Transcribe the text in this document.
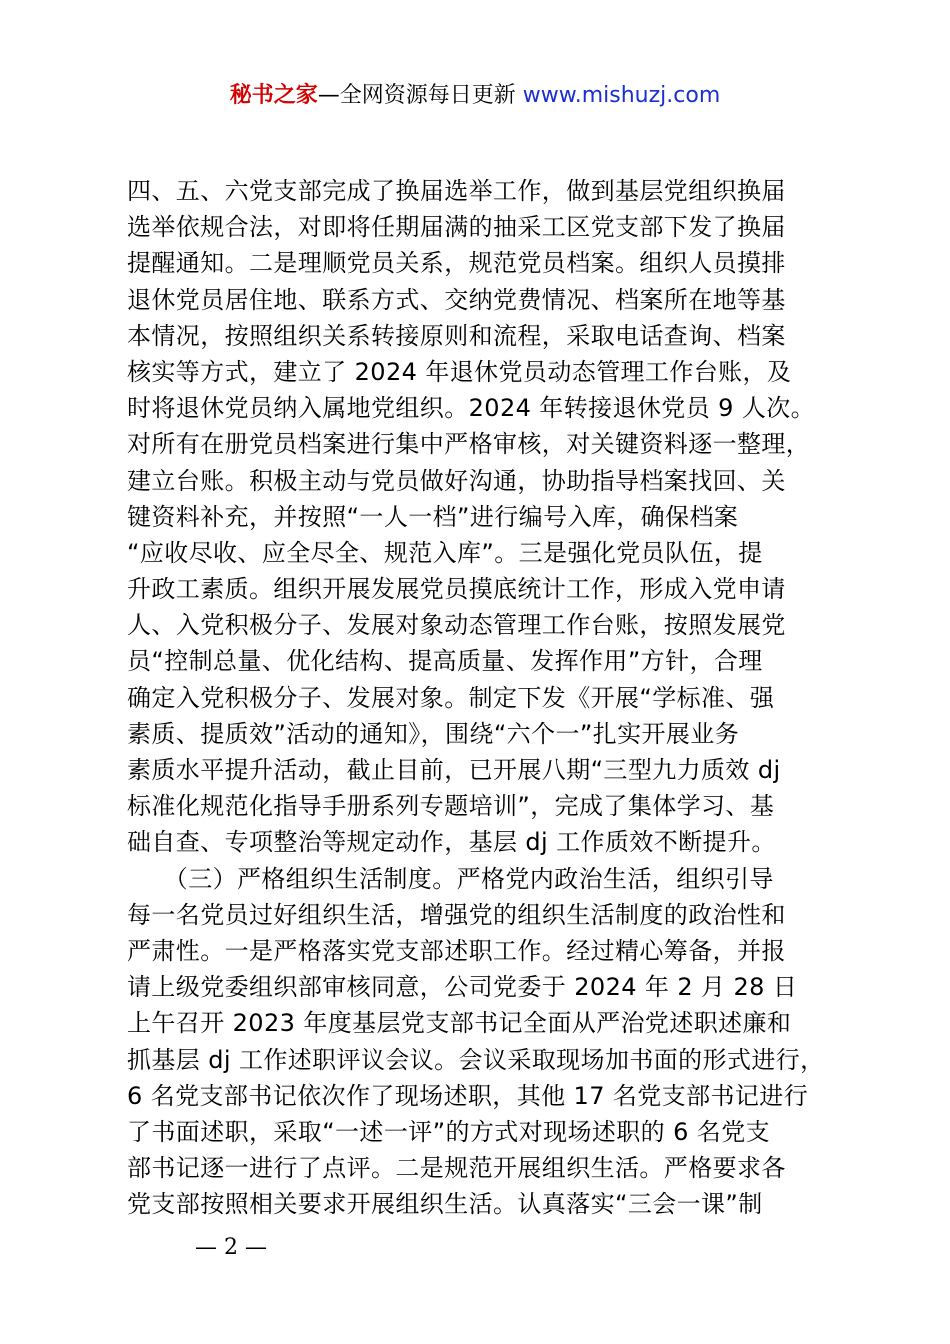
秘书之家—全网资源每日更新 www.mishuzj.com
四、五、六党支部完成了换届选举工作，做到基层党组织换届
选举依规合法，对即将任期届满的抽采工区党支部下发了换届
提醒通知。二是理顺党员关系，规范党员档案。组织人员摸排
退休党员居住地、联系方式、交纳党费情况、档案所在地等基
本情况，按照组织关系转接原则和流程，采取电话查询、档案
核实等方式，建立了 2024 年退休党员动态管理工作台账，及
时将退休党员纳入属地党组织。2024 年转接退休党员 9 人次。
对所有在册党员档案进行集中严格审核，对关键资料逐一整理，
建立台账。积极主动与党员做好沟通，协助指导档案找回、关
键资料补充，并按照“一人一档”进行编号入库，确保档案
“应收尽收、应全尽全、规范入库”。三是强化党员队伍，提
升政工素质。组织开展发展党员摸底统计工作，形成入党申请
人、入党积极分子、发展对象动态管理工作台账，按照发展党
员“控制总量、优化结构、提高质量、发挥作用”方针，合理
确定入党积极分子、发展对象。制定下发《开展“学标准、强
素质、提质效”活动的通知》，围绕“六个一”扎实开展业务
素质水平提升活动，截止目前，已开展八期“三型九力质效 dj
标准化规范化指导手册系列专题培训”，完成了集体学习、基
础自查、专项整治等规定动作，基层 dj 工作质效不断提升。
　　（三）严格组织生活制度。严格党内政治生活，组织引导
每一名党员过好组织生活，增强党的组织生活制度的政治性和
严肃性。一是严格落实党支部述职工作。经过精心筹备，并报
请上级党委组织部审核同意，公司党委于 2024 年 2 月 28 日
上午召开 2023 年度基层党支部书记全面从严治党述职述廉和
抓基层 dj 工作述职评议会议。会议采取现场加书面的形式进行，
6 名党支部书记依次作了现场述职，其他 17 名党支部书记进行
了书面述职，采取“一述一评”的方式对现场述职的 6 名党支
部书记逐一进行了点评。二是规范开展组织生活。严格要求各
党支部按照相关要求开展组织生活。认真落实“三会一课”制
— 2 —
